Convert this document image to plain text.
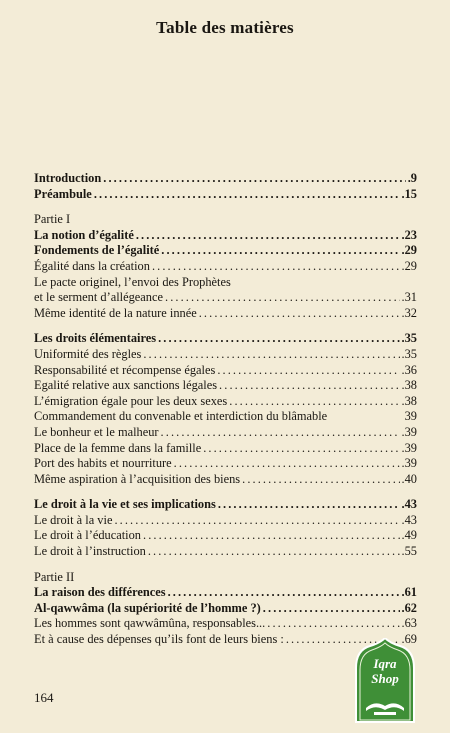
Table des matières
Introduction . . .	.9
Préambule . . .	.15
Partie I
La notion d’égalité . . .	.23
Fondements de l’égalité . . .	.29
Égalité dans la création . . .	.29
Le pacte originel, l’envoi des Prophètes
et le serment d’allégeance . . .	.31
Même identité de la nature innée . . .	.32
Les droits élémentaires . . .	.35
Uniformité des règles . . .	.35
Responsabilité et récompense égales . . .	.36
Egalité relative aux sanctions légales . . .	.38
L’émigration égale pour les deux sexes . . .	.38
Commandement du convenable et interdiction du blâmable	39
Le bonheur et le malheur . . .	.39
Place de la femme dans la famille . . .	.39
Port des habits et nourriture . . .	.39
Même aspiration à l’acquisition des biens . . .	.40
Le droit à la vie et ses implications . . .	.43
Le droit à la vie . . .	.43
Le droit à l’éducation . . .	.49
Le droit à l’instruction . . .	.55
Partie II
La raison des différences . . .	.61
Al-qawwâma (la supériorité de l’homme ?) . . .	.62
Les hommes sont qawwâmûna, responsables... . . .	.63
Et à cause des dépenses qu’ils font de leurs biens : . . .	.69
164
Iqra
Shop
